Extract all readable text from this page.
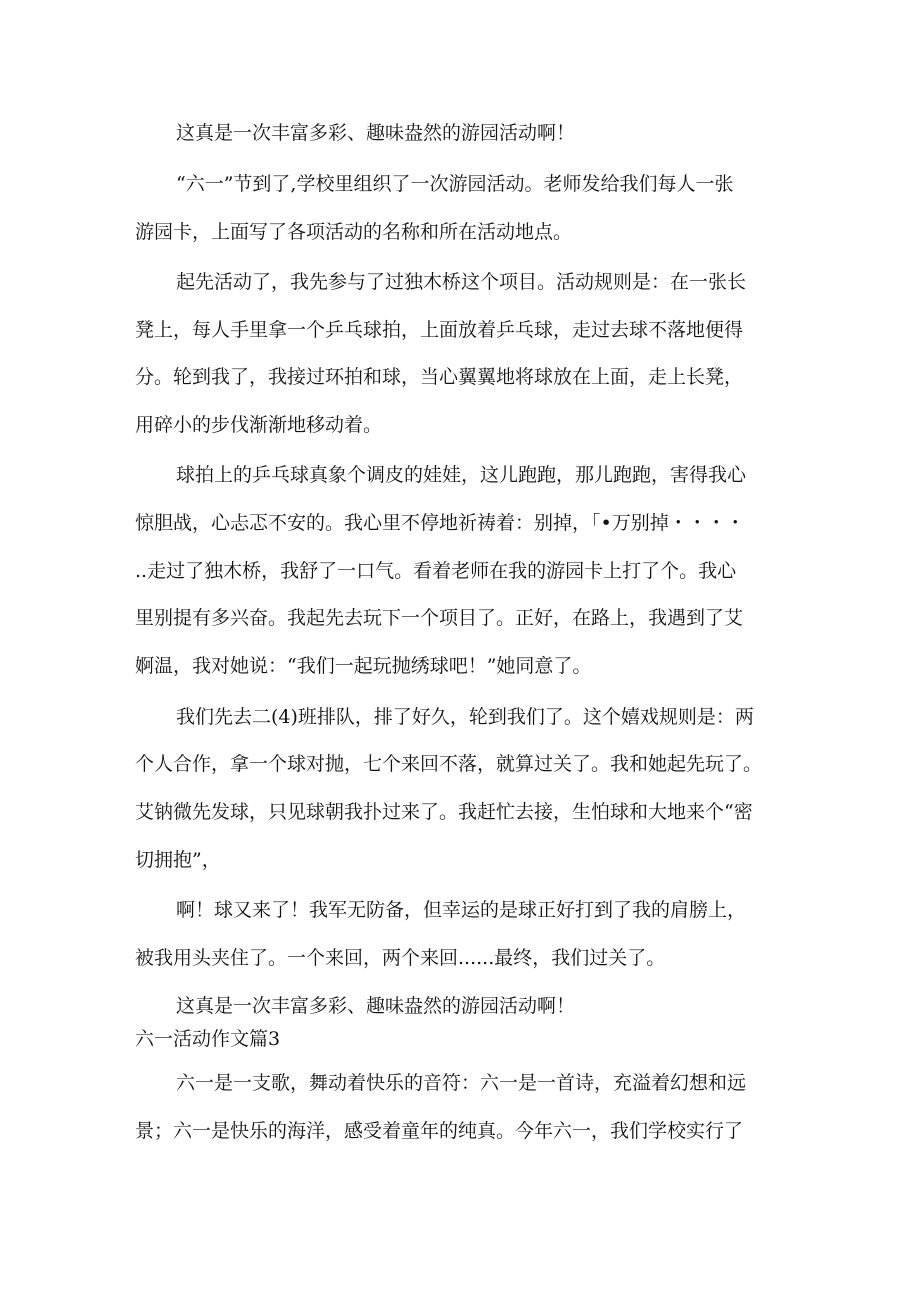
这真是一次丰富多彩、趣味盎然的游园活动啊！
“六一”节到了,学校里组织了一次游园活动。老师发给我们每人一张
游园卡，上面写了各项活动的名称和所在活动地点。
起先活动了，我先参与了过独木桥这个项目。活动规则是：在一张长
凳上，每人手里拿一个乒乓球拍，上面放着乒乓球，走过去球不落地便得
分。轮到我了，我接过环拍和球，当心翼翼地将球放在上面，走上长凳，
用碎小的步伐渐渐地移动着。
球拍上的乒乓球真象个调皮的娃娃，这儿跑跑，那儿跑跑，害得我心
惊胆战，心忐忑不安的。我心里不停地祈祷着：别掉，「•万别掉・・・・
..走过了独木桥，我舒了一口气。看着老师在我的游园卡上打了个。我心
里别提有多兴奋。我起先去玩下一个项目了。正好，在路上，我遇到了艾
婀温，我对她说：“我们一起玩抛绣球吧！”她同意了。
我们先去二(4)班排队，排了好久，轮到我们了。这个嬉戏规则是：两
个人合作，拿一个球对抛，七个来回不落，就算过关了。我和她起先玩了。
艾钠微先发球，只见球朝我扑过来了。我赶忙去接，生怕球和大地来个“密
切拥抱”，
啊！球又来了！我军无防备，但幸运的是球正好打到了我的肩膀上，
被我用头夹住了。一个来回，两个来回......最终，我们过关了。
这真是一次丰富多彩、趣味盎然的游园活动啊！
六一活动作文篇3
六一是一支歌，舞动着快乐的音符：六一是一首诗，充溢着幻想和远
景；六一是快乐的海洋，感受着童年的纯真。今年六一，我们学校实行了
